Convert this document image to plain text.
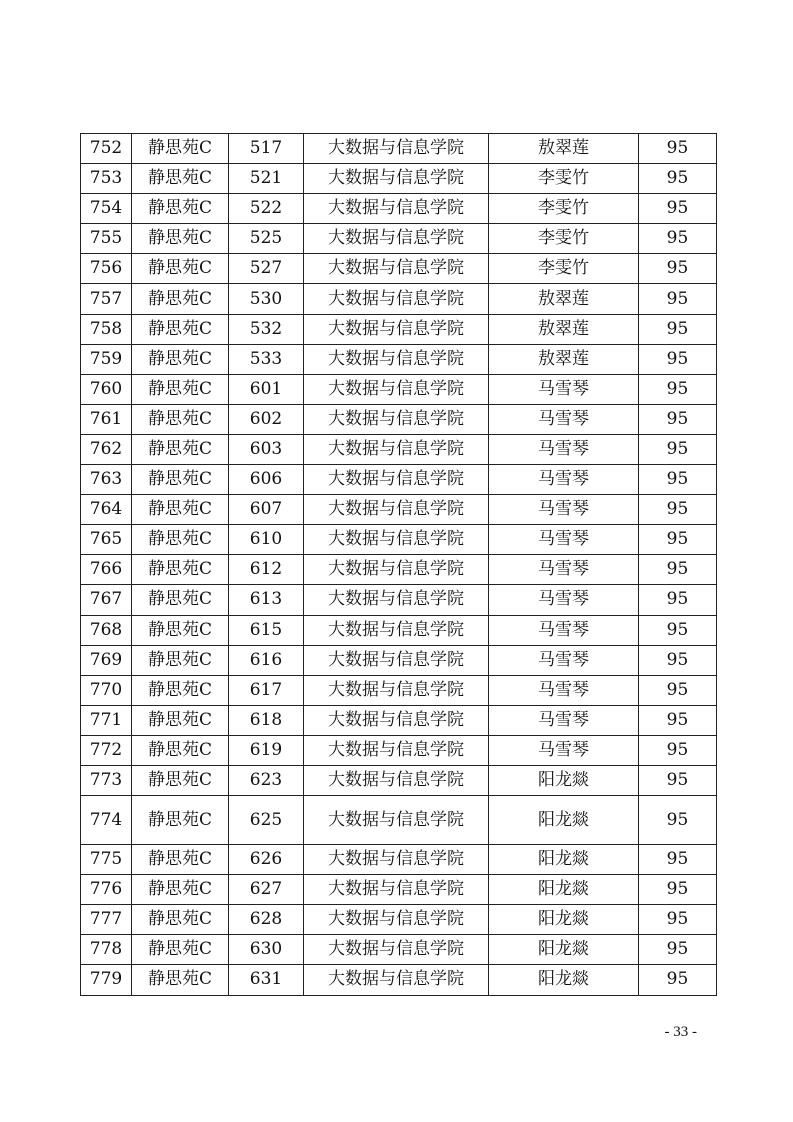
752	静思苑C	517	大数据与信息学院	敖翠莲	95
753	静思苑C	521	大数据与信息学院	李雯竹	95
754	静思苑C	522	大数据与信息学院	李雯竹	95
755	静思苑C	525	大数据与信息学院	李雯竹	95
756	静思苑C	527	大数据与信息学院	李雯竹	95
757	静思苑C	530	大数据与信息学院	敖翠莲	95
758	静思苑C	532	大数据与信息学院	敖翠莲	95
759	静思苑C	533	大数据与信息学院	敖翠莲	95
760	静思苑C	601	大数据与信息学院	马雪琴	95
761	静思苑C	602	大数据与信息学院	马雪琴	95
762	静思苑C	603	大数据与信息学院	马雪琴	95
763	静思苑C	606	大数据与信息学院	马雪琴	95
764	静思苑C	607	大数据与信息学院	马雪琴	95
765	静思苑C	610	大数据与信息学院	马雪琴	95
766	静思苑C	612	大数据与信息学院	马雪琴	95
767	静思苑C	613	大数据与信息学院	马雪琴	95
768	静思苑C	615	大数据与信息学院	马雪琴	95
769	静思苑C	616	大数据与信息学院	马雪琴	95
770	静思苑C	617	大数据与信息学院	马雪琴	95
771	静思苑C	618	大数据与信息学院	马雪琴	95
772	静思苑C	619	大数据与信息学院	马雪琴	95
773	静思苑C	623	大数据与信息学院	阳龙燚	95
774	静思苑C	625	大数据与信息学院	阳龙燚	95
775	静思苑C	626	大数据与信息学院	阳龙燚	95
776	静思苑C	627	大数据与信息学院	阳龙燚	95
777	静思苑C	628	大数据与信息学院	阳龙燚	95
778	静思苑C	630	大数据与信息学院	阳龙燚	95
779	静思苑C	631	大数据与信息学院	阳龙燚	95
- 33 -
